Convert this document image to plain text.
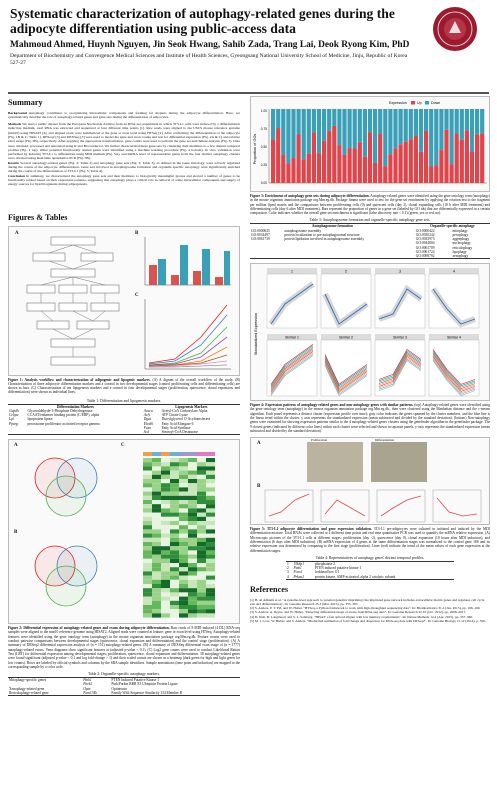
Systematic characterization of autophagy-related genes during the adipocyte differentiation using public-access data
Mahmoud Ahmed, Huynh Nguyen, Jin Seok Hwang, Sahib Zada, Trang Lai, Deok Ryong Kim, PhD
Department of Biochemistry and Convergence Medical Sciences and Institute of Health Sciences, Gyeongsang National University School of Medicine, Jinju, Republic of Korea 527-27
Summary
Background Autophagy contributes to reorganizing intracellular components and forming fat droplets during the adipocyte differentiation. Here, we systematically describe the role of autophagy-related genes and gene sets during the differentiation of adipocytes.
Methods We used a public dataset from the European Nucleotide Archive from an RNA-seq experiment in which 3T3-L1 cells were induced by a differentiation induction medium, total RNA was extracted and sequenced at four different time points [1]. Raw reads were aligned to the USCS mouse reference genome (mm10) using HISAT2 [4], and aligned reads were summarized at the gene or exon level using HTSeq [2]. After confirming the differentiation of the adipocyte (Fig. 1B & C; Table 1), DESeq2 [3] and DEXSeq [3] were used to model the gene and exon counts and test for differential expression (Fig. 2A & C) and relative exon usage (Fig. 2B), respectively. After applying the appropriate transformation, gene counts were used to perform the gene set enrichment analysis (Fig. 3). Data were obtained, processed and annotated using R and Bioconductor. We further characterized these gene sets by clustering their members to a few distinct temporal profiles (Fig. 4 top). Other potential functionally related genes were identified using a machine learning procedure (Fig. 4 bottom). In vitro validation were performed by inducing 3T3-L1 to differentiate using MDI medium (Fig. 5A), and mRNA level of representative genes from the four distinct autophagy clusters were checked using Real-time quantitative PCR (Fig. 5B).
Results Several autophagy-related genes (Fig. 2; Table 2) and autophagy gene sets (Fig. 3; Table 3), as defined in the Gene Ontology, were actively regulated during the course of the adipocyte differentiation. Gene sets involved in autophagosome formation and organelle specific autophagy were significantly enriched during the course of the differentiation of 3T3-L1 (Fig. 5; Table 4).
Conclusion In summary, we characterized the autophagy gene sets and their members to biologically meaningful groups and elected a number of genes to be functionally related based on their expression patterns, suggesting that autophagy plays a critical role in removal of some intracellular components and supply of energy sources for lipid biogenesis during adipogenesis.
Figures & Tables
A	B
C
Figure 1: Analysis workflow and characterization of adipogenic and lipogenic markers. (A) A digram of the overall workflow of the study. (B) Characterization of three adipocyte differentiation markers and a control in two developmental stages (control proliferating cells and differentiating cells) are shown as bars. (C) Characterization of ten lipogenesis markers and a control in four developmental stages (proliferation, quiescence, clonal expansion, and differentiation) were shown as individual lines.
Table 1: Differentiation and lipogenesis markers.
Differentiation Markers		Lipogenesis Markers	
Gapdh	Glyceraldehyde-3-Phosphate Dehydrogenase	Acaca	Acetyl-CoA Carboxylase Alpha
Cebpa	CCAAT/enhancer binding protein (C/EBP), alpha	Acly	ATP Citrate Lyase
Lpl	lipoprotein lipase	Dgat	Diacylglycerol O-Acyltransferase
Pparg	peroxisome proliferator activated receptor gamma	Elovl6	Fatty Acid Elongase 6
		Fasn	Fatty Acid Synthase
		Scd	Stearoyl-CoA Desaturase
A
B
C
Figure 2: Differential expression of autophagy-related genes and exons during adipocyte differentiation. Raw reads of 8 MDI-induced (4 DL) RNA-seq samples were aligned to the mm10 reference genome using HISAT2. Aligned reads were counted at feature; gene or exon level using HTSeq. Autophagy-related features were identified using the gene ontology term (autophagy) in the mouse organism annotation package org.Mm.eg.db. Feature counts were used to conduct pairwise comparisons between developmental stages (quiescence, clonal expansion and differentiation) and the control stage (proliferation). (A) A summary of DESeq2 differential expression analysis of (n = 151) autophagy-related genes. (B) A summary of DEXSeq differential exon usage of (n = 1777) autophagy-related exons. Venn diagrams show significant features at (adjusted p-value < 0.1). (C) Log2 gene counts were used to conduct Likelihood Ration Test (LRT) for differential expression among developmental stages; proliferation, quiescence, clonal expansion and differentiation. 38 autophagy-related genes were found significant (adjusted p-value < 0.1 and log fold-change > 1) and their scaled counts are shown as a heatmap (dark green for high and light green for low counts). Rows are labeled by official symbols and columns by the SRA sample identifiers. Sample annotations (time point and induction) are mapped to the corresponding sample by a color code.
Table 2: Organelle-specific autophagy markers.
Mitophagy-specific genes	Pink1	PTEN Induced Putative Kinase 1
	Park2	Pink/Parkin RBR E3 Ubiquitin Protein Ligase
Xenophagy-related gene	Optn	Optineurin
Reticulophagy-related gene	Fam134b	Family With Sequence Similarity 134 Member B
Expression	Up	Down
Proportion of GOs
1.00
0.75
0.50
0.25
0.00
Figure 3: Enrichment of autophagy gene sets during adipocyte differentiation. Autophagy-related genes were identified using the gene ontology term (autophagy) in the mouse organism annotation package org.Mm.eg.db. Package limma were used to test for the gene set enrichment by applying the rotation test to the fragment per million (fpm) matrix and the comparisons between proliferating cells (0) and quiescent cells (day 2), clonal expanding cells (10 h after MDI treatment) and differentiating cells (day 6 after MDI treatment). Bars represent the proportion of genes in a gene set (labeled by GO ids) that are differentially expressed in a certain comparison. Color indicates whether the overall gene set enrichment is significant (false discovery rate < 0.1) (green, yes or red, no).
Table 3: Autophagosome formation and organelle-specific autophagy gene sets.
Autophagosome formation		Organelle-specific autophagy	
GO:0000045	autophagosome assembly	GO:0000422	mitophagy
GO:0034497	protein localization to pre-autophagosomal structure	GO:0030242	pexophagy
GO:0061739	protein lipidation involved in autophagosome assembly	GO:0035973	aggrephagy
		GO:0044804	nucleophagy
		GO:0061709	reticulophagy
		GO:0061724	lipophagy
		GO:0098792	xenophagy
Standardized Expression
1	2	3	4
Similar 1	Similar 2	Similar 3	Similar 4
Figure 4: Expression patterns of autophagy-related genes and non-autophagy genes with similar patterns. (top) Autophagy-related genes were identified using the gene ontology term (autophagy) in the mouse organism annotation package org.Mm.eg.db., then were clustered using the Manhattan distance and the c-means algorithm. Each panel represents a distinct cluster (expression profile over time); gray color indicates the genes spanned by the cluster members, and the blue line is the linear trend within the cluster. y axis represents the standardized expression (mean subtracted and divided by the standard deviation). (bottom) Non-autophagy genes were examined for showing expression patterns similar to the 4 autophagy-related genes clusters using the genefinder algorithm in the genefinder package. The 9 closest genes (indicated by different color lines) within each cluster were selected and shown in separate panels. y-axis represents the standardized expression (mean subtracted and divided by the standard deviation).
A
B
Proliferation	Differentiation
Figure 5: 3T3-L1 adipocyte differentiation and gene expression validation. 3T3-L1 pre-adipocytes were cultured in initiated and induced by the MDI differentiation mixture. Total RNAs were collected at 4 different time points and real time quantitative PCR was used to quantify the mRNA relative expression. (A) Microscopic pictures of the 3T3-L1 cells at different stages: proliferation (day -2), quiescence (day 0), clonal expansion (10 hours after MDI induction), and differentiation (6 days after MDI induction). (B) mRNA expression of 4 genes at the same differentiation stages was normalized to the control gene 18S and its relative expression was determined by comparing to the first stage (proliferation). Lines (red) indicate the trend of the mean values of each gene expression at the differentiation stages.
Table 4: Representatives of autophagy genes' distinct temporal profiles.
1	Ulk4p1	phosphatase 2
2	Pink1	PTEN induced putative kinase 1
3	Foxo1	forkhead box O1
4	Prkaa2	protein kinase, AMP-activated, alpha 2 catalytic subunit
References
[1] H. Al Adhami et al. "A systems-level approach to parental genomic imprinting: the imprinted gene network includes extracellular matrix genes and regulates cell cycle exit and differentiation". In: Genome Research 25.3 (Mar. 2015), pp. 353–367.
[2] S. Anders, P. T. Pyl, and W. Huber. "HTSeq–a Python framework to work with high-throughput sequencing data". In: Bioinformatics 31.2 (Jan. 2015), pp. 166–169.
[3] S. Anders, A. Reyes, and W. Huber. "Detecting differential usage of exons from RNA-seq data". In: Genome Research 22.10 (Oct. 2012), pp. 2008–2017.
[4] D. Kim, B. Langmead, and S. L. Salzberg. "HISAT: a fast spliced aligner with low memory requirements". In: Nature Methods 12.4 (Apr. 2015), pp. 357–360.
[5] M. I. Love, W. Huber, and S. Anders. "Moderated estimation of fold change and dispersion for RNA-seq data with DESeq2". In: Genome Biology 15.12 (2014), p. 550.
